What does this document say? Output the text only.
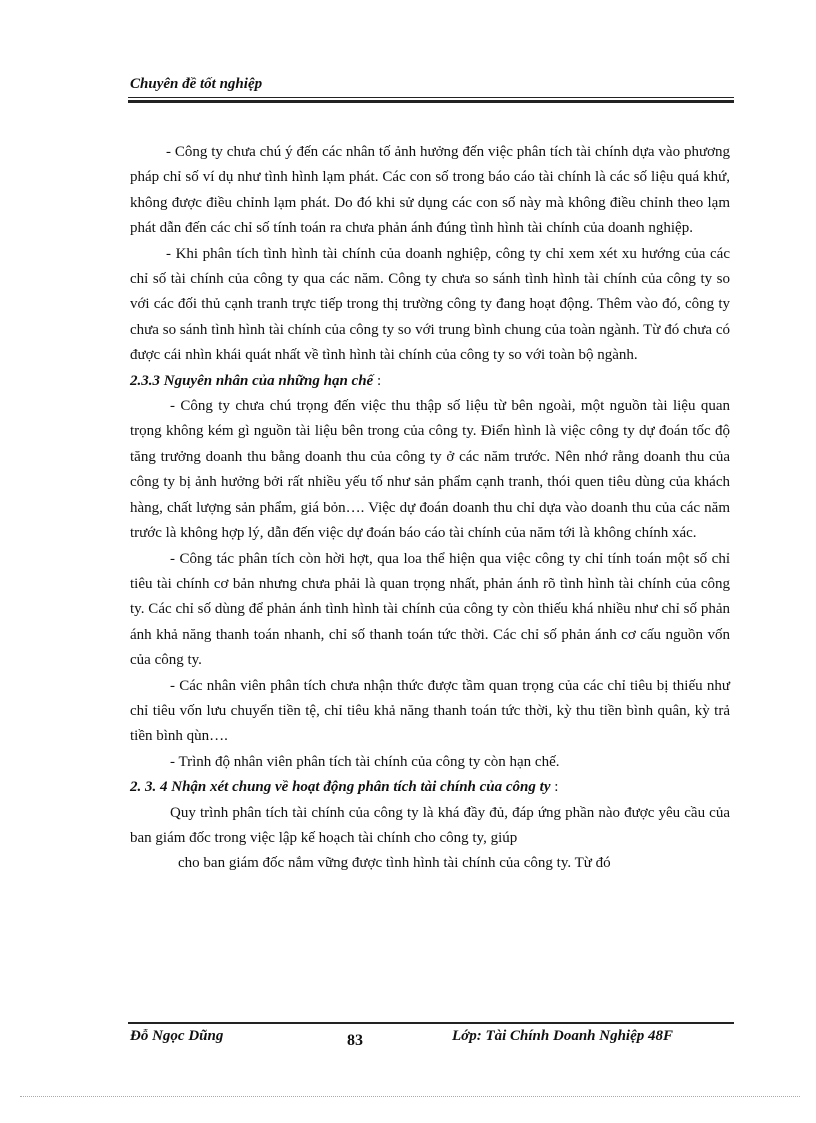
Chuyên đề tốt nghiệp

- Công ty chưa chú ý đến các nhân tố ảnh hưởng đến việc phân tích tài chính dựa vào phương pháp chỉ số ví dụ như tình hình lạm phát. Các con số trong báo cáo tài chính là các số liệu quá khứ, không được điều chỉnh lạm phát. Do đó khi sử dụng các con số này mà không điều chỉnh theo lạm phát dẫn đến các chỉ số tính toán ra chưa phản ánh đúng tình hình tài chính của doanh nghiệp.

- Khi phân tích tình hình tài chính của doanh nghiệp, công ty chỉ xem xét xu hướng của các chỉ số tài chính của công ty qua các năm. Công ty chưa so sánh tình hình tài chính của công ty so với các đối thủ cạnh tranh trực tiếp trong thị trường công ty đang hoạt động. Thêm vào đó, công ty chưa so sánh tình hình tài chính của công ty so với trung bình chung của toàn ngành. Từ đó chưa có được cái nhìn khái quát nhất về tình hình tài chính của công ty so với toàn bộ ngành.

2.3.3 Nguyên nhân của những hạn chế :

- Công ty chưa chú trọng đến việc thu thập số liệu từ bên ngoài, một nguồn tài liệu quan trọng không kém gì nguồn tài liệu bên trong của công ty. Điển hình là việc công ty dự đoán tốc độ tăng trưởng doanh thu bằng doanh thu của công ty ở các năm trước. Nên nhớ rằng doanh thu của công ty bị ảnh hưởng bởi rất nhiều yếu tố như sản phẩm cạnh tranh, thói quen tiêu dùng của khách hàng, chất lượng sản phẩm, giá bỏn…. Việc dự đoán doanh thu chỉ dựa vào doanh thu của các năm trước là không hợp lý, dẫn đến việc dự đoán báo cáo tài chính của năm tới là không chính xác.

- Công tác phân tích còn hời hợt, qua loa thể hiện qua việc công ty chỉ tính toán một số chỉ tiêu tài chính cơ bản nhưng chưa phải là quan trọng nhất, phản ánh rõ tình hình tài chính của công ty. Các chỉ số dùng để phản ánh tình hình tài chính của công ty còn thiếu khá nhiều như chỉ số phản ánh khả năng thanh toán nhanh, chỉ số thanh toán tức thời. Các chỉ số phản ánh cơ cấu nguồn vốn của công ty.

- Các nhân viên phân tích chưa nhận thức được tầm quan trọng của các chỉ tiêu bị thiếu như chỉ tiêu vốn lưu chuyển tiền tệ, chỉ tiêu khả năng thanh toán tức thời, kỳ thu tiền bình quân, kỳ trả tiền bình qùn….

- Trình độ nhân viên phân tích tài chính của công ty còn hạn chế.

2. 3. 4 Nhận xét chung về hoạt động phân tích tài chính của công ty :

Quy trình phân tích tài chính của công ty là khá đầy đủ, đáp ứng phần nào được yêu cầu của ban giám đốc trong việc lập kế hoạch tài chính cho công ty, giúp

cho ban giám đốc nắm vững được tình hình tài chính của công ty. Từ đó

Đỗ Ngọc Dũng	83	Lớp: Tài Chính Doanh Nghiệp 48F
